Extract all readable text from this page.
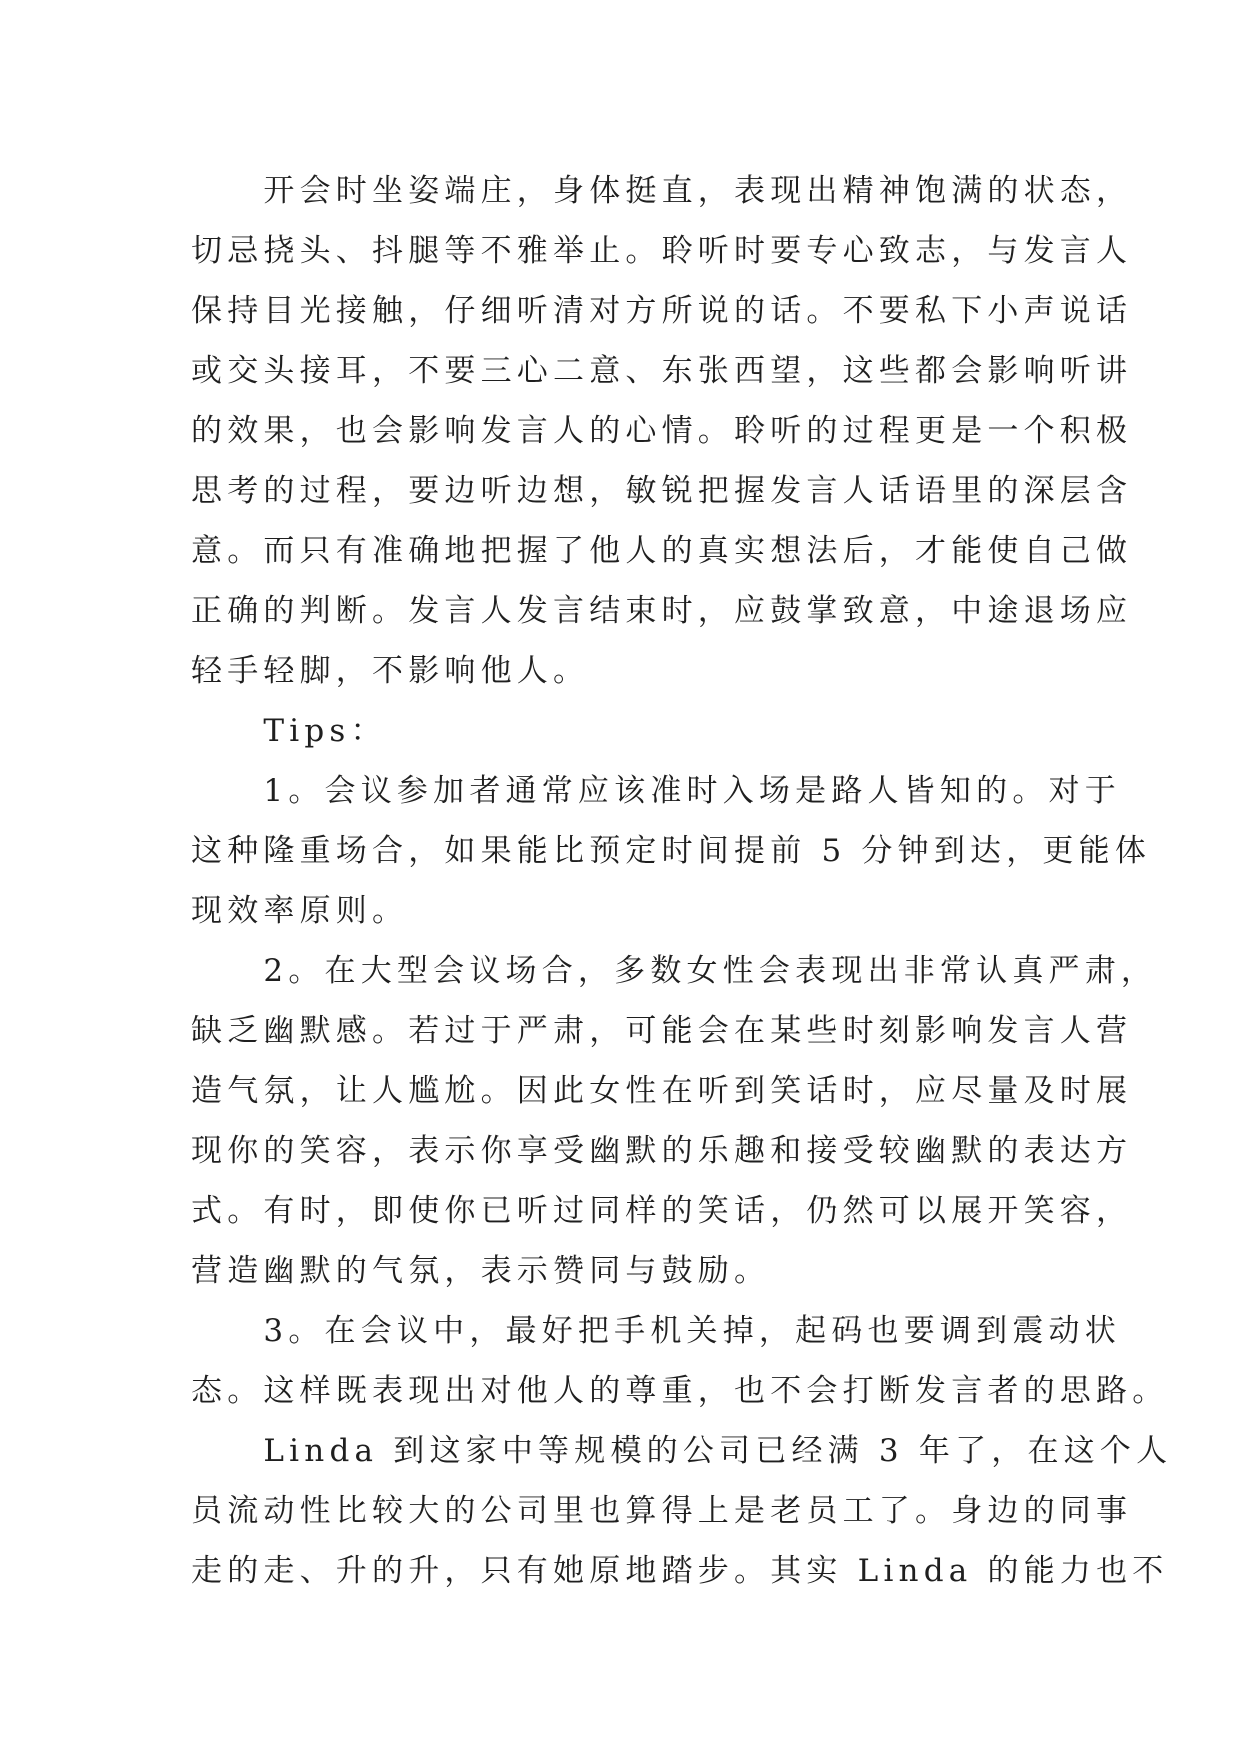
　　开会时坐姿端庄，身体挺直，表现出精神饱满的状态，
切忌挠头、抖腿等不雅举止。聆听时要专心致志，与发言人
保持目光接触，仔细听清对方所说的话。不要私下小声说话
或交头接耳，不要三心二意、东张西望，这些都会影响听讲
的效果，也会影响发言人的心情。聆听的过程更是一个积极
思考的过程，要边听边想，敏锐把握发言人话语里的深层含
意。而只有准确地把握了他人的真实想法后，才能使自己做
正确的判断。发言人发言结束时，应鼓掌致意，中途退场应
轻手轻脚，不影响他人。
　　Tips：
　　1。会议参加者通常应该准时入场是路人皆知的。对于
这种隆重场合，如果能比预定时间提前 5 分钟到达，更能体
现效率原则。
　　2。在大型会议场合，多数女性会表现出非常认真严肃，
缺乏幽默感。若过于严肃，可能会在某些时刻影响发言人营
造气氛，让人尴尬。因此女性在听到笑话时，应尽量及时展
现你的笑容，表示你享受幽默的乐趣和接受较幽默的表达方
式。有时，即使你已听过同样的笑话，仍然可以展开笑容，
营造幽默的气氛，表示赞同与鼓励。
　　3。在会议中，最好把手机关掉，起码也要调到震动状
态。这样既表现出对他人的尊重，也不会打断发言者的思路。
　　Linda 到这家中等规模的公司已经满 3 年了，在这个人
员流动性比较大的公司里也算得上是老员工了。身边的同事
走的走、升的升，只有她原地踏步。其实 Linda 的能力也不
